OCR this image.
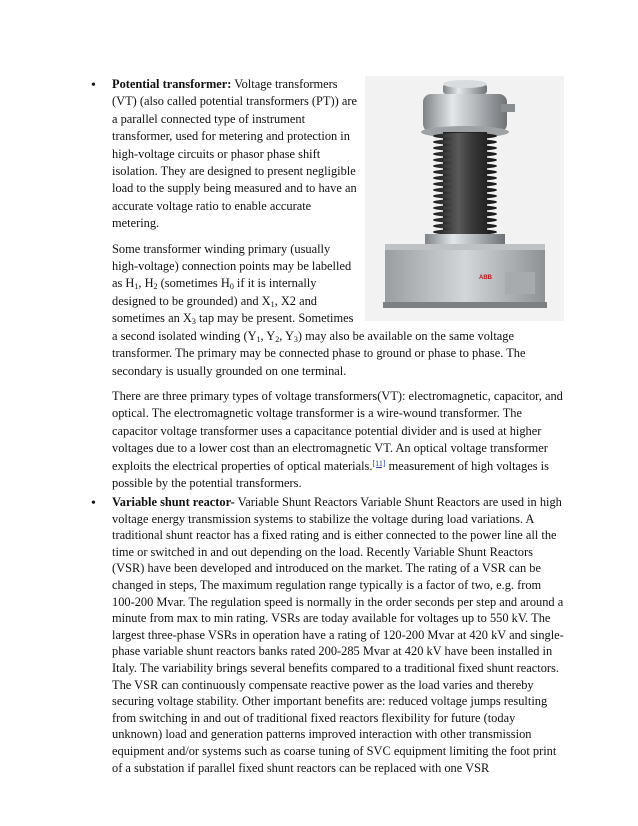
•
ABB

Potential transformer: Voltage transformers (VT) (also called potential transformers (PT)) are a parallel connected type of instrument transformer, used for metering and protection in high-voltage circuits or phasor phase shift isolation. They are designed to present negligible load to the supply being measured and to have an accurate voltage ratio to enable accurate metering.

Some transformer winding primary (usually high-voltage) connection points may be labelled as $H_1$, $H_2$ (sometimes $H_0$ if it is internally designed to be grounded) and $X_1$, X2 and sometimes an $X_3$ tap may be present. Sometimes a second isolated winding ($Y_1$, $Y_2$, $Y_3$) may also be available on the same voltage transformer. The primary may be connected phase to ground or phase to phase. The secondary is usually grounded on one terminal.

There are three primary types of voltage transformers(VT): electromagnetic, capacitor, and optical. The electromagnetic voltage transformer is a wire-wound transformer. The capacitor voltage transformer uses a capacitance potential divider and is used at higher voltages due to a lower cost than an electromagnetic VT. An optical voltage transformer exploits the electrical properties of optical materials.[11] measurement of high voltages is possible by the potential transformers.

• Variable shunt reactor- Variable Shunt Reactors Variable Shunt Reactors are used in high voltage energy transmission systems to stabilize the voltage during load variations. A traditional shunt reactor has a fixed rating and is either connected to the power line all the time or switched in and out depending on the load. Recently Variable Shunt Reactors (VSR) have been developed and introduced on the market. The rating of a VSR can be changed in steps, The maximum regulation range typically is a factor of two, e.g. from 100-200 Mvar. The regulation speed is normally in the order seconds per step and around a minute from max to min rating. VSRs are today available for voltages up to 550 kV. The largest three-phase VSRs in operation have a rating of 120-200 Mvar at 420 kV and single-phase variable shunt reactors banks rated 200-285 Mvar at 420 kV have been installed in Italy. The variability brings several benefits compared to a traditional fixed shunt reactors. The VSR can continuously compensate reactive power as the load varies and thereby securing voltage stability. Other important benefits are: reduced voltage jumps resulting from switching in and out of traditional fixed reactors flexibility for future (today unknown) load and generation patterns improved interaction with other transmission equipment and/or systems such as coarse tuning of SVC equipment limiting the foot print of a substation if parallel fixed shunt reactors can be replaced with one VSR
